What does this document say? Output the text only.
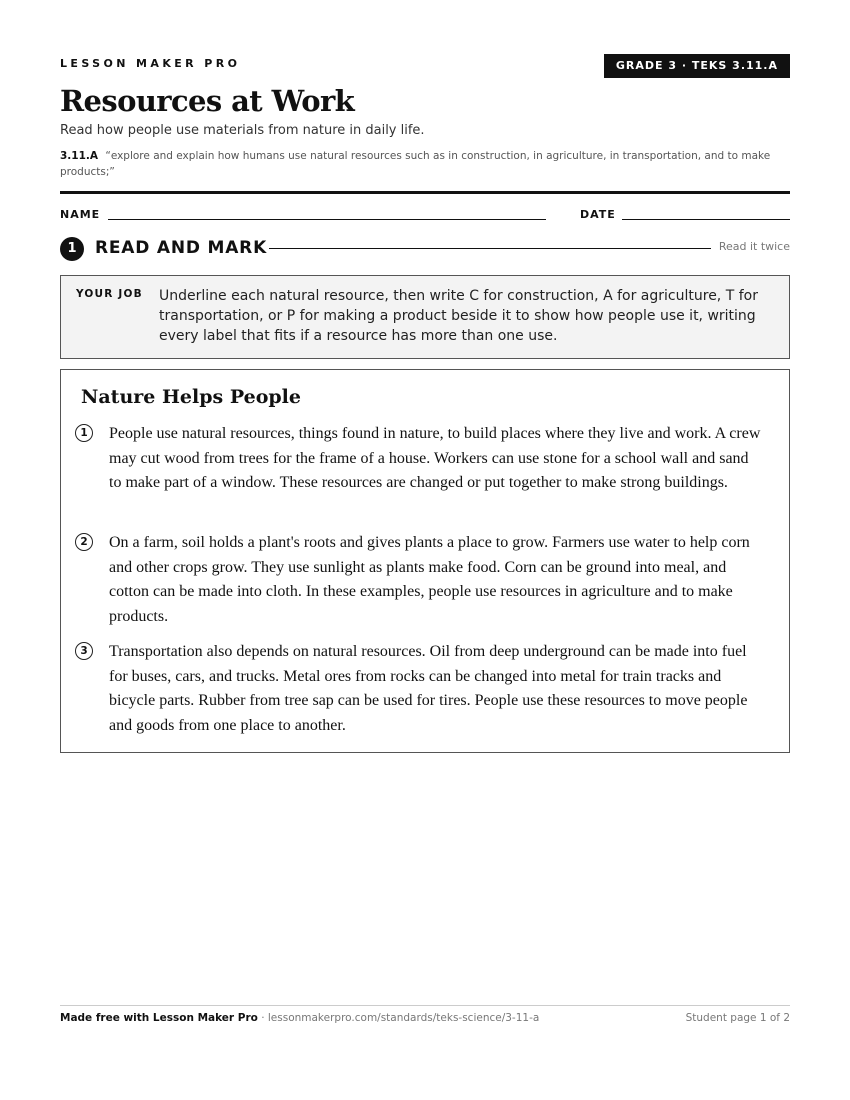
LESSON MAKER PRO	GRADE 3 · TEKS 3.11.A
Resources at Work
Read how people use materials from nature in daily life.
3.11.A “explore and explain how humans use natural resources such as in construction, in agriculture, in transportation, and to make products;”
NAME	DATE
1	READ AND MARK	Read it twice
YOUR JOB Underline each natural resource, then write C for construction, A for agriculture, T for transportation, or P for making a product beside it to show how people use it, writing every label that fits if a resource has more than one use.
Nature Helps People
1	People use natural resources, things found in nature, to build places where they live and work. A crew may cut wood from trees for the frame of a house. Workers can use stone for a school wall and sand to make part of a window. These resources are changed or put together to make strong buildings.

2	On a farm, soil holds a plant's roots and gives plants a place to grow. Farmers use water to help corn and other crops grow. They use sunlight as plants make food. Corn can be ground into meal, and cotton can be made into cloth. In these examples, people use resources in agriculture and to make products.

3	Transportation also depends on natural resources. Oil from deep underground can be made into fuel for buses, cars, and trucks. Metal ores from rocks can be changed into metal for train tracks and bicycle parts. Rubber from tree sap can be used for tires. People use these resources to move people and goods from one place to another.

Made free with Lesson Maker Pro · lessonmakerpro.com/standards/teks-science/3-11-a	Student page 1 of 2
